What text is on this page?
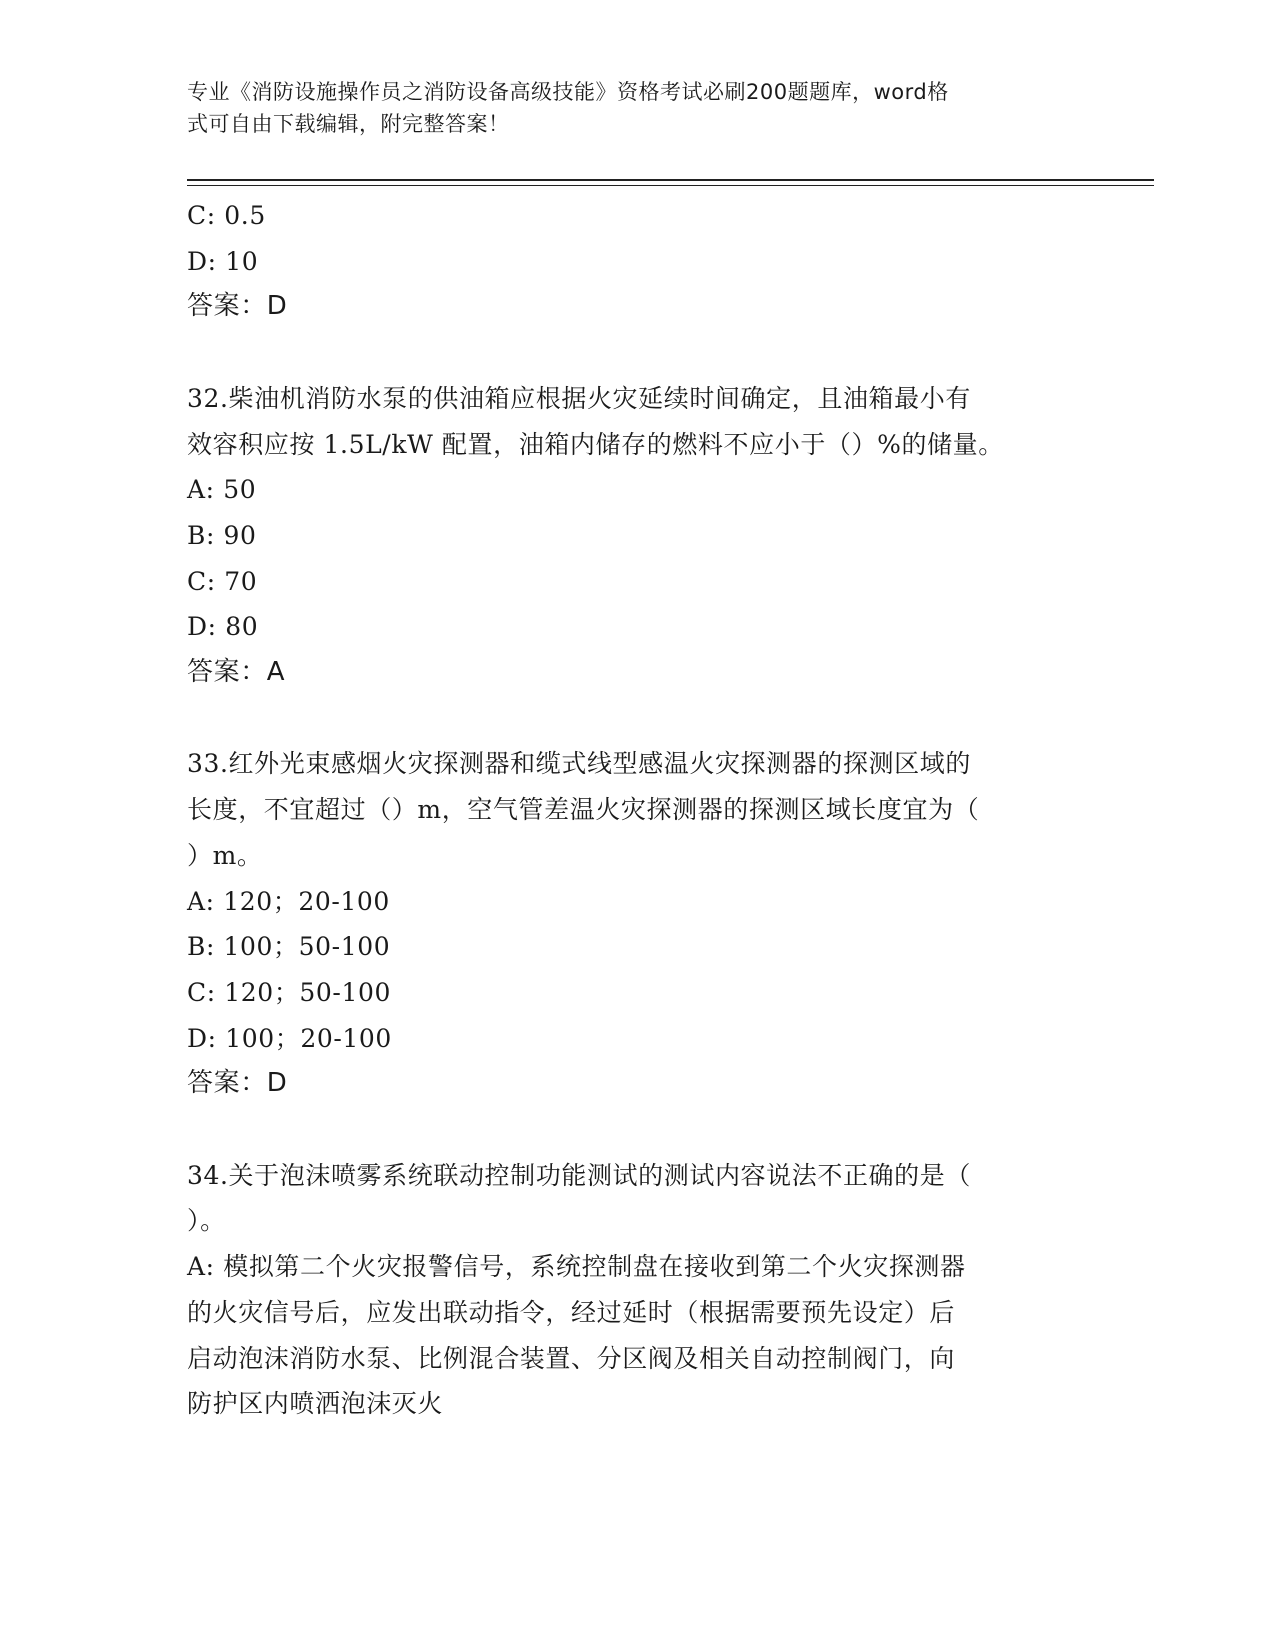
专业《消防设施操作员之消防设备高级技能》资格考试必刷200题题库，word格
式可自由下载编辑，附完整答案！
C: 0.5
D: 10
答案：D
32.柴油机消防水泵的供油箱应根据火灾延续时间确定，且油箱最小有
效容积应按 1.5L/kW 配置，油箱内储存的燃料不应小于（）%的储量。
A: 50
B: 90
C: 70
D: 80
答案：A
33.红外光束感烟火灾探测器和缆式线型感温火灾探测器的探测区域的
长度，不宜超过（）m，空气管差温火灾探测器的探测区域长度宜为（
）m。
A: 120；20-100
B: 100；50-100
C: 120；50-100
D: 100；20-100
答案：D
34.关于泡沫喷雾系统联动控制功能测试的测试内容说法不正确的是（
）。
A: 模拟第二个火灾报警信号，系统控制盘在接收到第二个火灾探测器
的火灾信号后，应发出联动指令，经过延时（根据需要预先设定）后
启动泡沫消防水泵、比例混合装置、分区阀及相关自动控制阀门，向
防护区内喷洒泡沫灭火
